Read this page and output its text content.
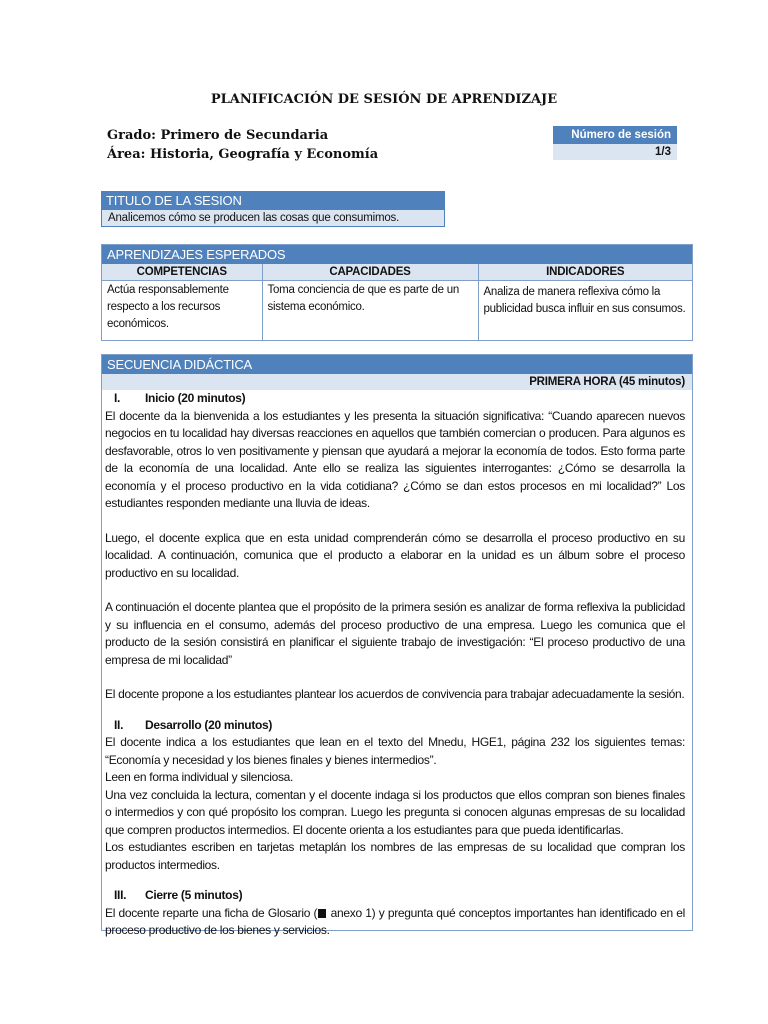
PLANIFICACIÓN DE SESIÓN DE APRENDIZAJE
Grado: Primero de Secundaria
Área: Historia, Geografía y Economía
Número de sesión
1/3
TITULO DE LA SESION
Analicemos cómo se producen las cosas que consumimos.
APRENDIZAJES ESPERADOS
COMPETENCIAS	CAPACIDADES	INDICADORES
Actúa responsablemente respecto a los recursos económicos.	Toma conciencia de que es parte de un sistema económico.	Analiza de manera reflexiva cómo la publicidad busca influir en sus consumos.
SECUENCIA DIDÁCTICA
PRIMERA HORA (45 minutos)
I.	Inicio (20 minutos)

El docente da la bienvenida a los estudiantes y les presenta la situación significativa: “Cuando aparecen nuevos negocios en tu localidad hay diversas reacciones en aquellos que también comercian o producen. Para algunos es desfavorable, otros lo ven positivamente y piensan que ayudará a mejorar la economía de todos. Esto forma parte de la economía de una localidad. Ante ello se realiza las siguientes interrogantes: ¿Cómo se desarrolla la economía y el proceso productivo en la vida cotidiana? ¿Cómo se dan estos procesos en mi localidad?” Los estudiantes responden mediante una lluvia de ideas.

Luego, el docente explica que en esta unidad comprenderán cómo se desarrolla el proceso productivo en su localidad. A continuación, comunica que el producto a elaborar en la unidad es un álbum sobre el proceso productivo en su localidad.

A continuación el docente plantea que el propósito de la primera sesión es analizar de forma reflexiva la publicidad y su influencia en el consumo, además del proceso productivo de una empresa. Luego les comunica que el producto de la sesión consistirá en planificar el siguiente trabajo de investigación: “El proceso productivo de una empresa de mi localidad”

El docente propone a los estudiantes plantear los acuerdos de convivencia para trabajar adecuadamente la sesión.

II.	Desarrollo (20 minutos)

El docente indica a los estudiantes que lean en el texto del Mnedu, HGE1, página 232 los siguientes temas: “Economía y necesidad y los bienes finales y bienes intermedios”.

Leen en forma individual y silenciosa.

Una vez concluida la lectura, comentan y el docente indaga si los productos que ellos compran son bienes finales o intermedios y con qué propósito los compran. Luego les pregunta si conocen algunas empresas de su localidad que compren productos intermedios. El docente orienta a los estudiantes para que pueda identificarlas.

Los estudiantes escriben en tarjetas metaplán los nombres de las empresas de su localidad que compran los productos intermedios.

III.	Cierre (5 minutos)

El docente reparte una ficha de Glosario ( anexo 1) y pregunta qué conceptos importantes han identificado en el proceso productivo de los bienes y servicios.
